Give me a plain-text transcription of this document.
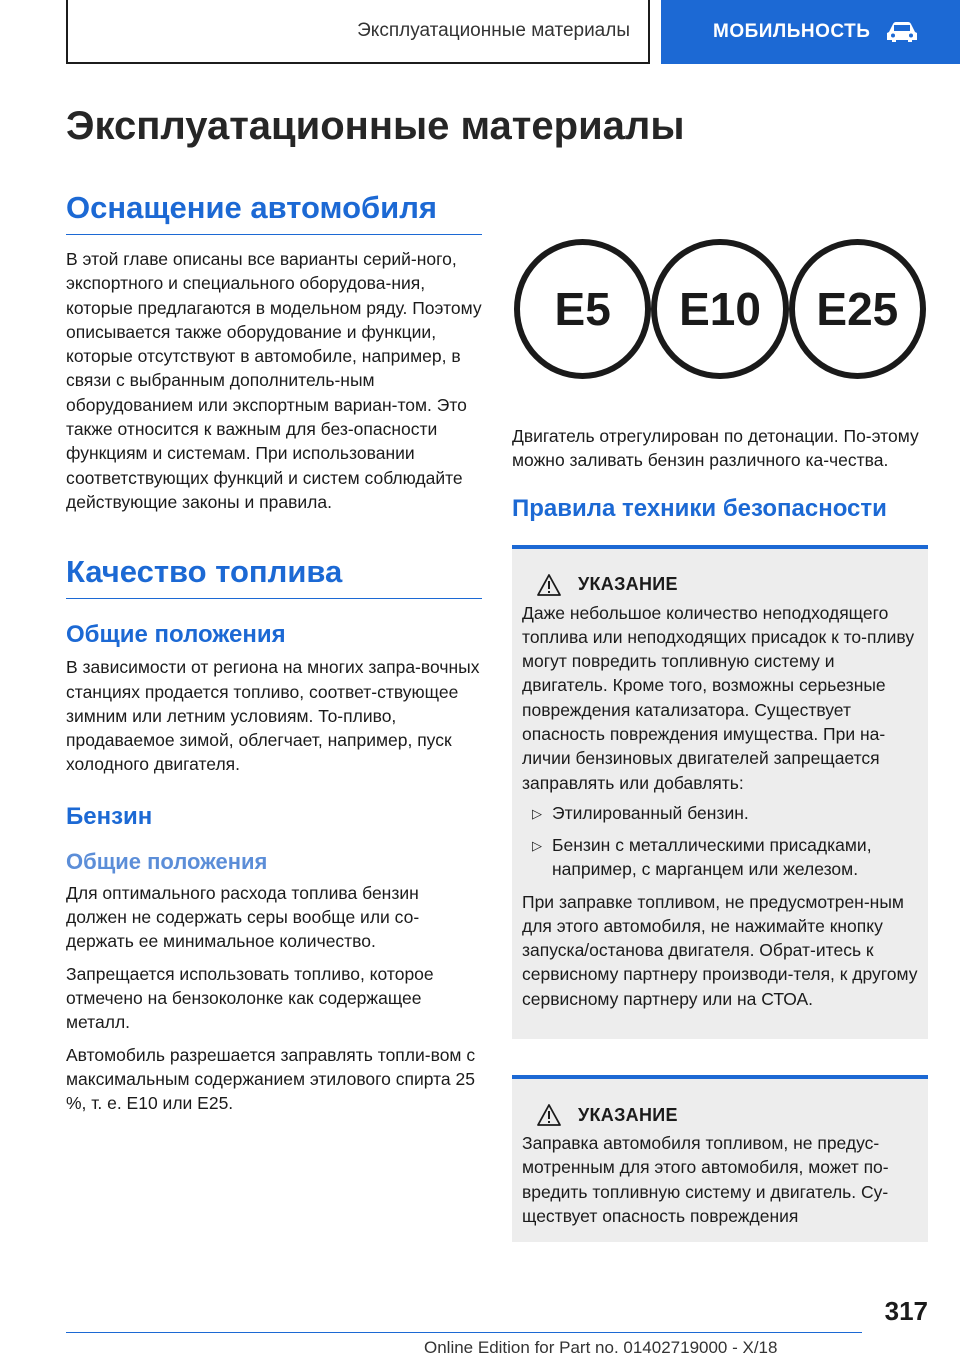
Эксплуатационные материалы	МОБИЛЬНОСТЬ
Эксплуатационные материалы
Оснащение автомобиля

В этой главе описаны все варианты серий-ного, экспортного и специального оборудова-ния, которые предлагаются в модельном ряду. Поэтому описывается также оборудование и функции, которые отсутствуют в автомобиле, например, в связи с выбранным дополнитель-ным оборудованием или экспортным вариан-том. Это также относится к важным для без-опасности функциям и системам. При использовании соответствующих функций и систем соблюдайте действующие законы и правила.

Качество топлива
Общие положения

В зависимости от региона на многих запра-вочных станциях продается топливо, соответ-ствующее зимним или летним условиям. То-пливо, продаваемое зимой, облегчает, например, пуск холодного двигателя.

Бензин
Общие положения

Для оптимального расхода топлива бензин должен не содержать серы вообще или со-держать ее минимальное количество.

Запрещается использовать топливо, которое отмечено на бензоколонке как содержащее металл.

Автомобиль разрешается заправлять топли-вом с максимальным содержанием этилового спирта 25 %, т. е. E10 или E25.

E5	E10	E25

Двигатель отрегулирован по детонации. По-этому можно заливать бензин различного ка-чества.

Правила техники безопасности
УКАЗАНИЕ

Даже небольшое количество неподходящего топлива или неподходящих присадок к то-пливу могут повредить топливную систему и двигатель. Кроме того, возможны серьезные повреждения катализатора. Существует опасность повреждения имущества. При на-личии бензиновых двигателей запрещается заправлять или добавлять:

▷ Этилированный бензин.
▷ Бензин с металлическими присадками, например, с марганцем или железом.

При заправке топливом, не предусмотрен-ным для этого автомобиля, не нажимайте кнопку запуска/останова двигателя. Обрат-итесь к сервисному партнеру производи-теля, к другому сервисному партнеру или на СТОА.

УКАЗАНИЕ

Заправка автомобиля топливом, не предус-мотренным для этого автомобиля, может по-вредить топливную систему и двигатель. Су-ществует опасность повреждения

317
Online Edition for Part no. 01402719000 - X/18
